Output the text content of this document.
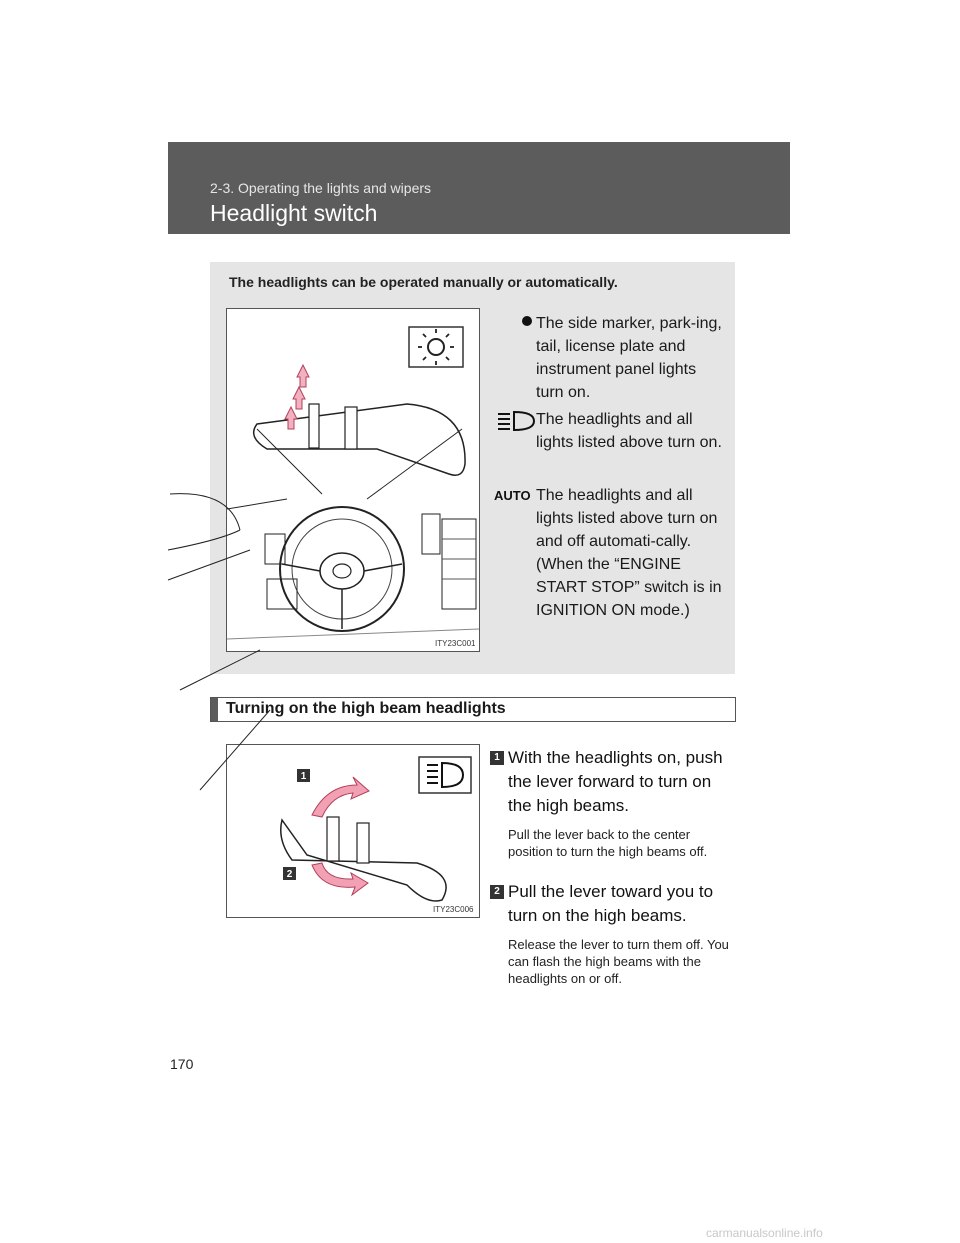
2-3. Operating the lights and wipers
Headlight switch
The headlights can be operated manually or automatically.
ITY23C001
The side marker, park-ing, tail, license plate and instrument panel lights turn on.
The headlights and all lights listed above turn on.
AUTO The headlights and all lights listed above turn on and off automati-cally.
(When the “ENGINE START STOP” switch is in IGNITION ON mode.)
Turning on the high beam headlights
1
2
ITY23C006
1 With the headlights on, push the lever forward to turn on the high beams.
Pull the lever back to the center position to turn the high beams off.
2 Pull the lever toward you to turn on the high beams.
Release the lever to turn them off. You can flash the high beams with the headlights on or off.
170
carmanualsonline.info
